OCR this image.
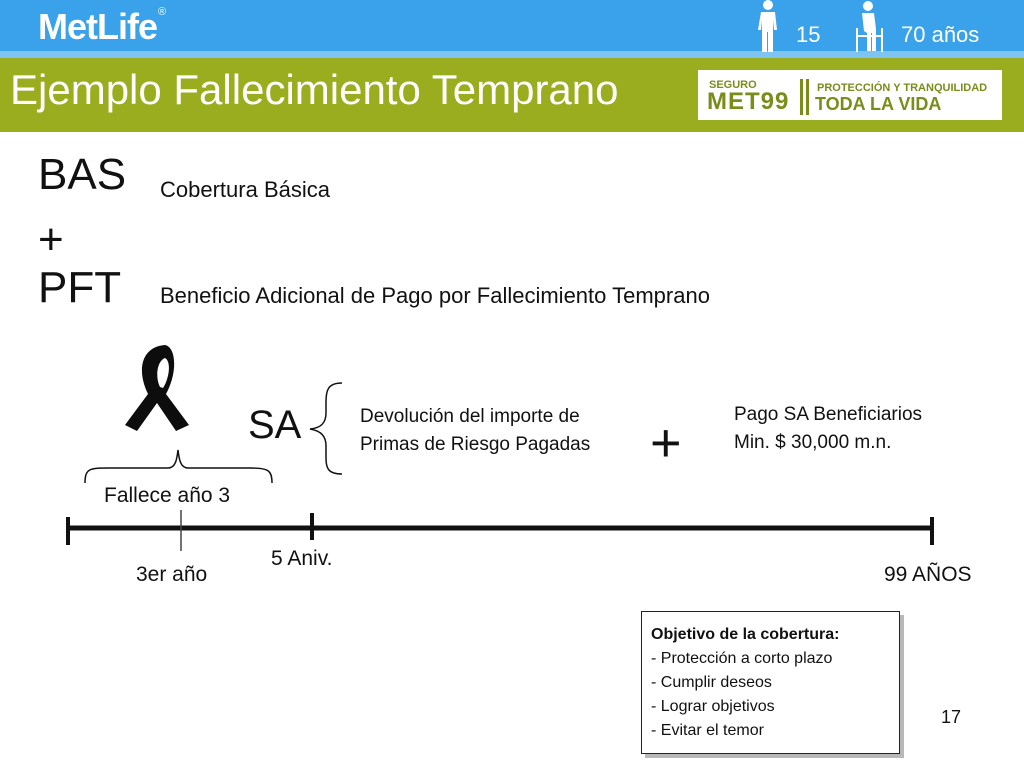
MetLife®
15	70 años
Ejemplo Fallecimiento Temprano	SEGURO
MET99	PROTECCIÓN Y TRANQUILIDAD
TODA LA VIDA
BAS Cobertura Básica
+
PFT Beneficio Adicional de Pago por Fallecimiento Temprano
SA	Devolución del importe de
Primas de Riesgo Pagadas +	Pago SA Beneficiarios
Min. $ 30,000 m.n.
Fallece año 3
3er año
5 Aniv.
99 AÑOS
Objetivo de la cobertura:
- Protección a corto plazo
- Cumplir deseos
- Lograr objetivos
- Evitar el temor
17
